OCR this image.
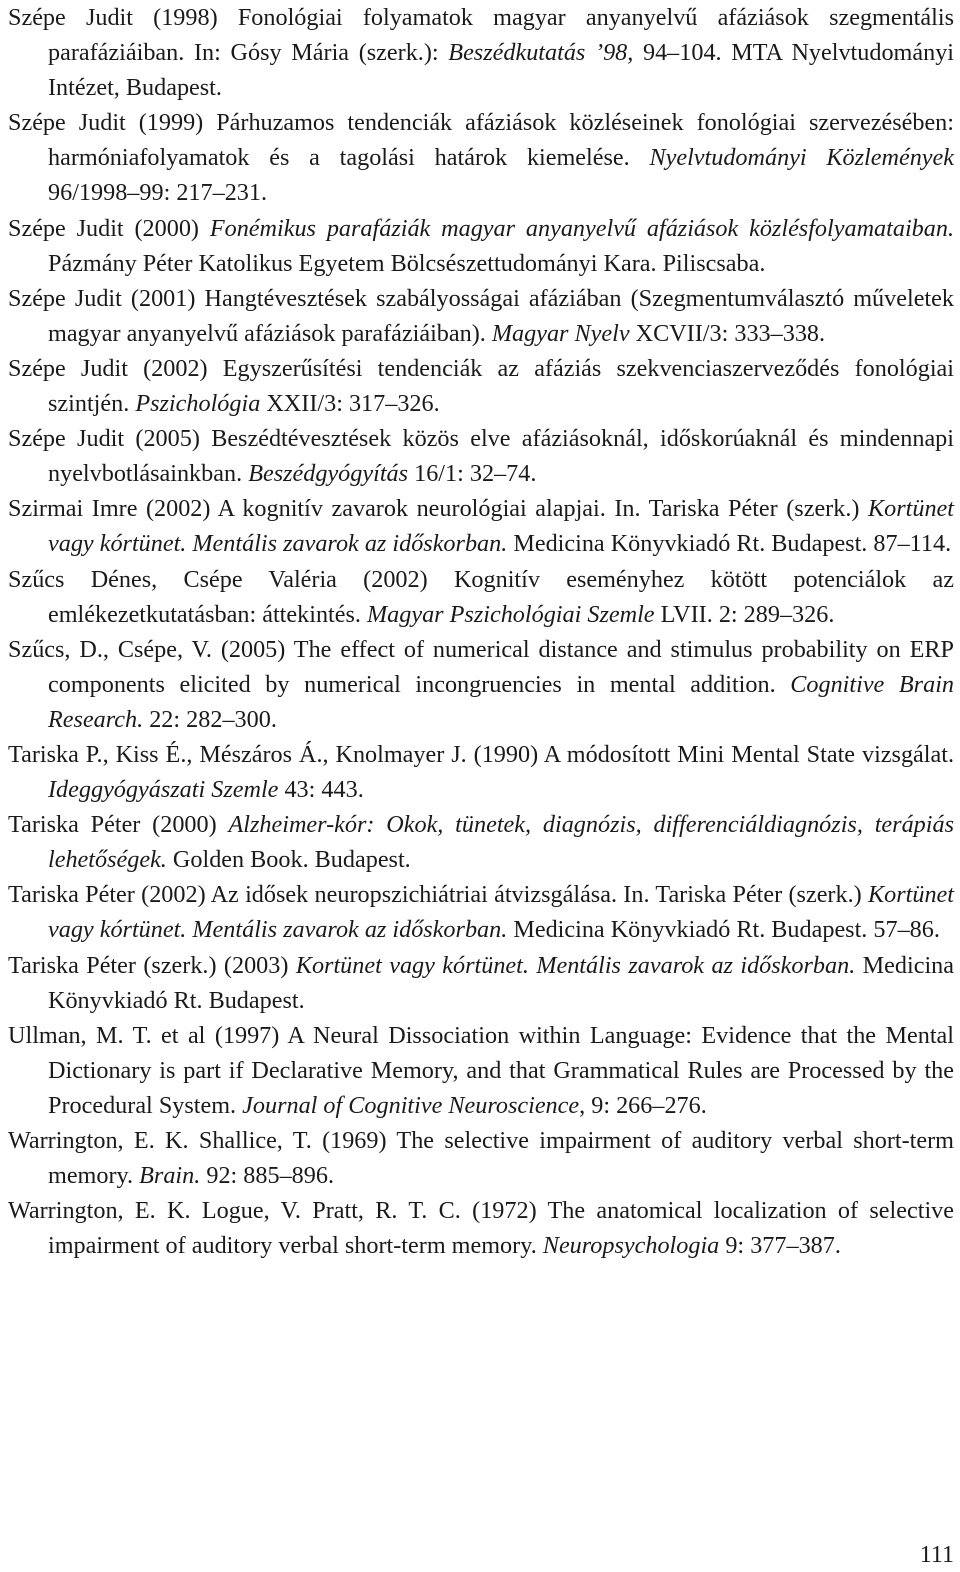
Szépe Judit (1998) Fonológiai folyamatok magyar anyanyelvű afáziások szegmentális parafáziáiban. In: Gósy Mária (szerk.): Beszédkutatás ’98, 94–104. MTA Nyelvtudományi Intézet, Budapest.

Szépe Judit (1999) Párhuzamos tendenciák afáziások közléseinek fonológiai szervezésében: harmóniafolyamatok és a tagolási határok kiemelése. Nyelvtudományi Közlemények 96/1998–99: 217–231.

Szépe Judit (2000) Fonémikus parafáziák magyar anyanyelvű afáziások közlésfolyamataiban. Pázmány Péter Katolikus Egyetem Bölcsészettudományi Kara. Piliscsaba.

Szépe Judit (2001) Hangtévesztések szabályosságai afáziában (Szegmentumválasztó műveletek magyar anyanyelvű afáziások parafáziáiban). Magyar Nyelv XCVII/3: 333–338.

Szépe Judit (2002) Egyszerűsítési tendenciák az afáziás szekvenciaszerveződés fonológiai szintjén. Pszichológia XXII/3: 317–326.

Szépe Judit (2005) Beszédtévesztések közös elve afáziásoknál, időskorúaknál és mindennapi nyelvbotlásainkban. Beszédgyógyítás 16/1: 32–74.

Szirmai Imre (2002) A kognitív zavarok neurológiai alapjai. In. Tariska Péter (szerk.) Kortünet vagy kórtünet. Mentális zavarok az időskorban. Medicina Könyvkiadó Rt. Budapest. 87–114.

Szűcs Dénes, Csépe Valéria (2002) Kognitív eseményhez kötött potenciálok az emlékezetkutatásban: áttekintés. Magyar Pszichológiai Szemle LVII. 2: 289–326.

Szűcs, D., Csépe, V. (2005) The effect of numerical distance and stimulus probability on ERP components elicited by numerical incongruencies in mental addition. Cognitive Brain Research. 22: 282–300.

Tariska P., Kiss É., Mészáros Á., Knolmayer J. (1990) A módosított Mini Mental State vizsgálat. Ideggyógyászati Szemle 43: 443.

Tariska Péter (2000) Alzheimer-kór: Okok, tünetek, diagnózis, differenciáldiagnózis, terápiás lehetőségek. Golden Book. Budapest.

Tariska Péter (2002) Az idősek neuropszichiátriai átvizsgálása. In. Tariska Péter (szerk.) Kortünet vagy kórtünet. Mentális zavarok az időskorban. Medicina Könyvkiadó Rt. Budapest. 57–86.

Tariska Péter (szerk.) (2003) Kortünet vagy kórtünet. Mentális zavarok az időskorban. Medicina Könyvkiadó Rt. Budapest.

Ullman, M. T. et al (1997) A Neural Dissociation within Language: Evidence that the Mental Dictionary is part if Declarative Memory, and that Grammatical Rules are Processed by the Procedural System. Journal of Cognitive Neuroscience, 9: 266–276.

Warrington, E. K. Shallice, T. (1969) The selective impairment of auditory verbal short-term memory. Brain. 92: 885–896.

Warrington, E. K. Logue, V. Pratt, R. T. C. (1972) The anatomical localization of selective impairment of auditory verbal short-term memory. Neuropsychologia 9: 377–387.

111
